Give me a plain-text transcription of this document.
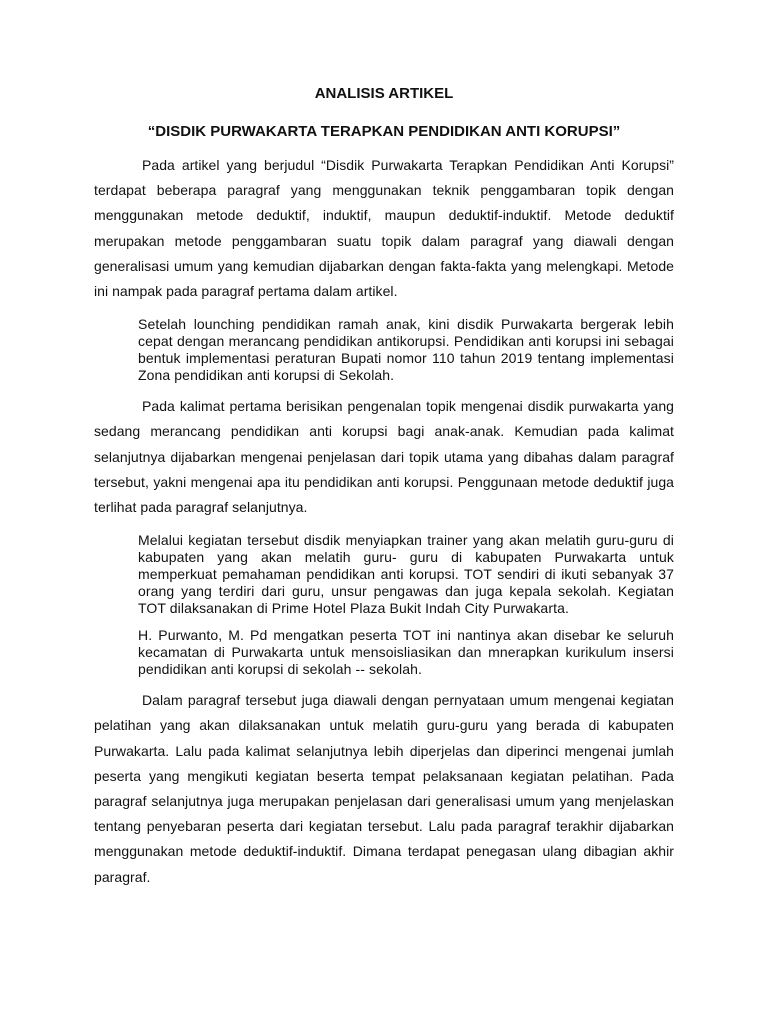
ANALISIS ARTIKEL

“DISDIK PURWAKARTA TERAPKAN PENDIDIKAN ANTI KORUPSI”

Pada artikel yang berjudul “Disdik Purwakarta Terapkan Pendidikan Anti Korupsi” terdapat beberapa paragraf yang menggunakan teknik penggambaran topik dengan menggunakan metode deduktif, induktif, maupun deduktif-induktif. Metode deduktif merupakan metode penggambaran suatu topik dalam paragraf yang diawali dengan generalisasi umum yang kemudian dijabarkan dengan fakta-fakta yang melengkapi. Metode ini nampak pada paragraf pertama dalam artikel.

Setelah lounching pendidikan ramah anak, kini disdik Purwakarta bergerak lebih cepat dengan merancang pendidikan antikorupsi. Pendidikan anti korupsi ini sebagai bentuk implementasi peraturan Bupati nomor 110 tahun 2019 tentang implementasi Zona pendidikan anti korupsi di Sekolah.

Pada kalimat pertama berisikan pengenalan topik mengenai disdik purwakarta yang sedang merancang pendidikan anti korupsi bagi anak-anak. Kemudian pada kalimat selanjutnya dijabarkan mengenai penjelasan dari topik utama yang dibahas dalam paragraf tersebut, yakni mengenai apa itu pendidikan anti korupsi. Penggunaan metode deduktif juga terlihat pada paragraf selanjutnya.

Melalui kegiatan tersebut disdik menyiapkan trainer yang akan melatih guru-guru di kabupaten yang akan melatih guru- guru di kabupaten Purwakarta untuk memperkuat pemahaman pendidikan anti korupsi. TOT sendiri di ikuti sebanyak 37 orang yang terdiri dari guru, unsur pengawas dan juga kepala sekolah. Kegiatan TOT dilaksanakan di Prime Hotel Plaza Bukit Indah City Purwakarta.

H. Purwanto, M. Pd mengatkan peserta TOT ini nantinya akan disebar ke seluruh kecamatan di Purwakarta untuk mensoisliasikan dan mnerapkan kurikulum insersi pendidikan anti korupsi di sekolah -- sekolah.

Dalam paragraf tersebut juga diawali dengan pernyataan umum mengenai kegiatan pelatihan yang akan dilaksanakan untuk melatih guru-guru yang berada di kabupaten Purwakarta. Lalu pada kalimat selanjutnya lebih diperjelas dan diperinci mengenai jumlah peserta yang mengikuti kegiatan beserta tempat pelaksanaan kegiatan pelatihan. Pada paragraf selanjutnya juga merupakan penjelasan dari generalisasi umum yang menjelaskan tentang penyebaran peserta dari kegiatan tersebut. Lalu pada paragraf terakhir dijabarkan menggunakan metode deduktif-induktif. Dimana terdapat penegasan ulang dibagian akhir paragraf.
